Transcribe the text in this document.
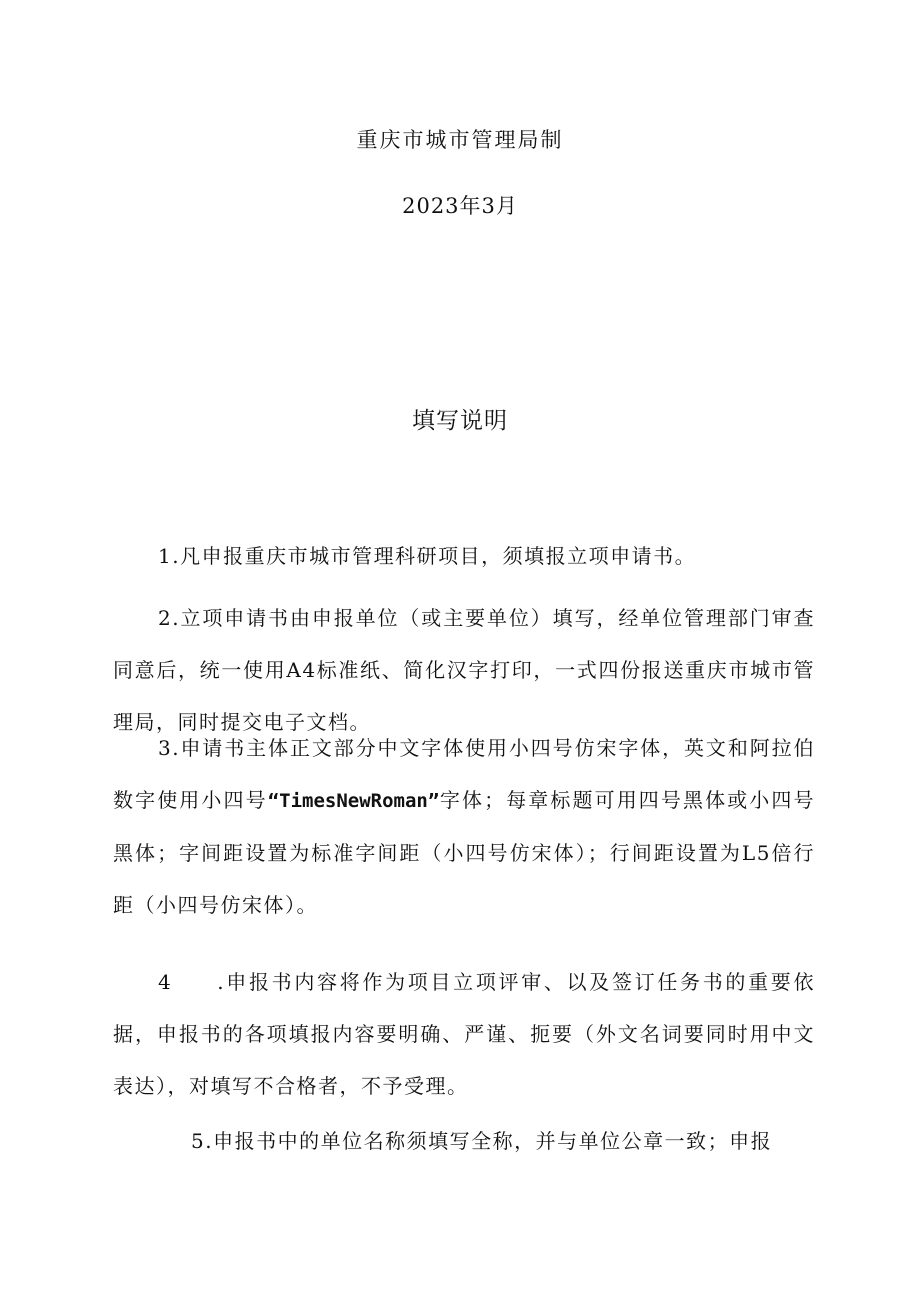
重庆市城市管理局制
2023年3月
填写说明
1.凡申报重庆市城市管理科研项目，须填报立项申请书。
2.立项申请书由申报单位（或主要单位）填写，经单位管理部门审查同意后，统一使用A4标准纸、简化汉字打印，一式四份报送重庆市城市管理局，同时提交电子文档。
3.申请书主体正文部分中文字体使用小四号仿宋字体，英文和阿拉伯数字使用小四号“TimesNewRoman”字体；每章标题可用四号黑体或小四号黑体；字间距设置为标准字间距（小四号仿宋体）；行间距设置为L5倍行距（小四号仿宋体）。
4 .申报书内容将作为项目立项评审、以及签订任务书的重要依据，申报书的各项填报内容要明确、严谨、扼要（外文名词要同时用中文表达），对填写不合格者，不予受理。
5.申报书中的单位名称须填写全称，并与单位公章一致；申报
